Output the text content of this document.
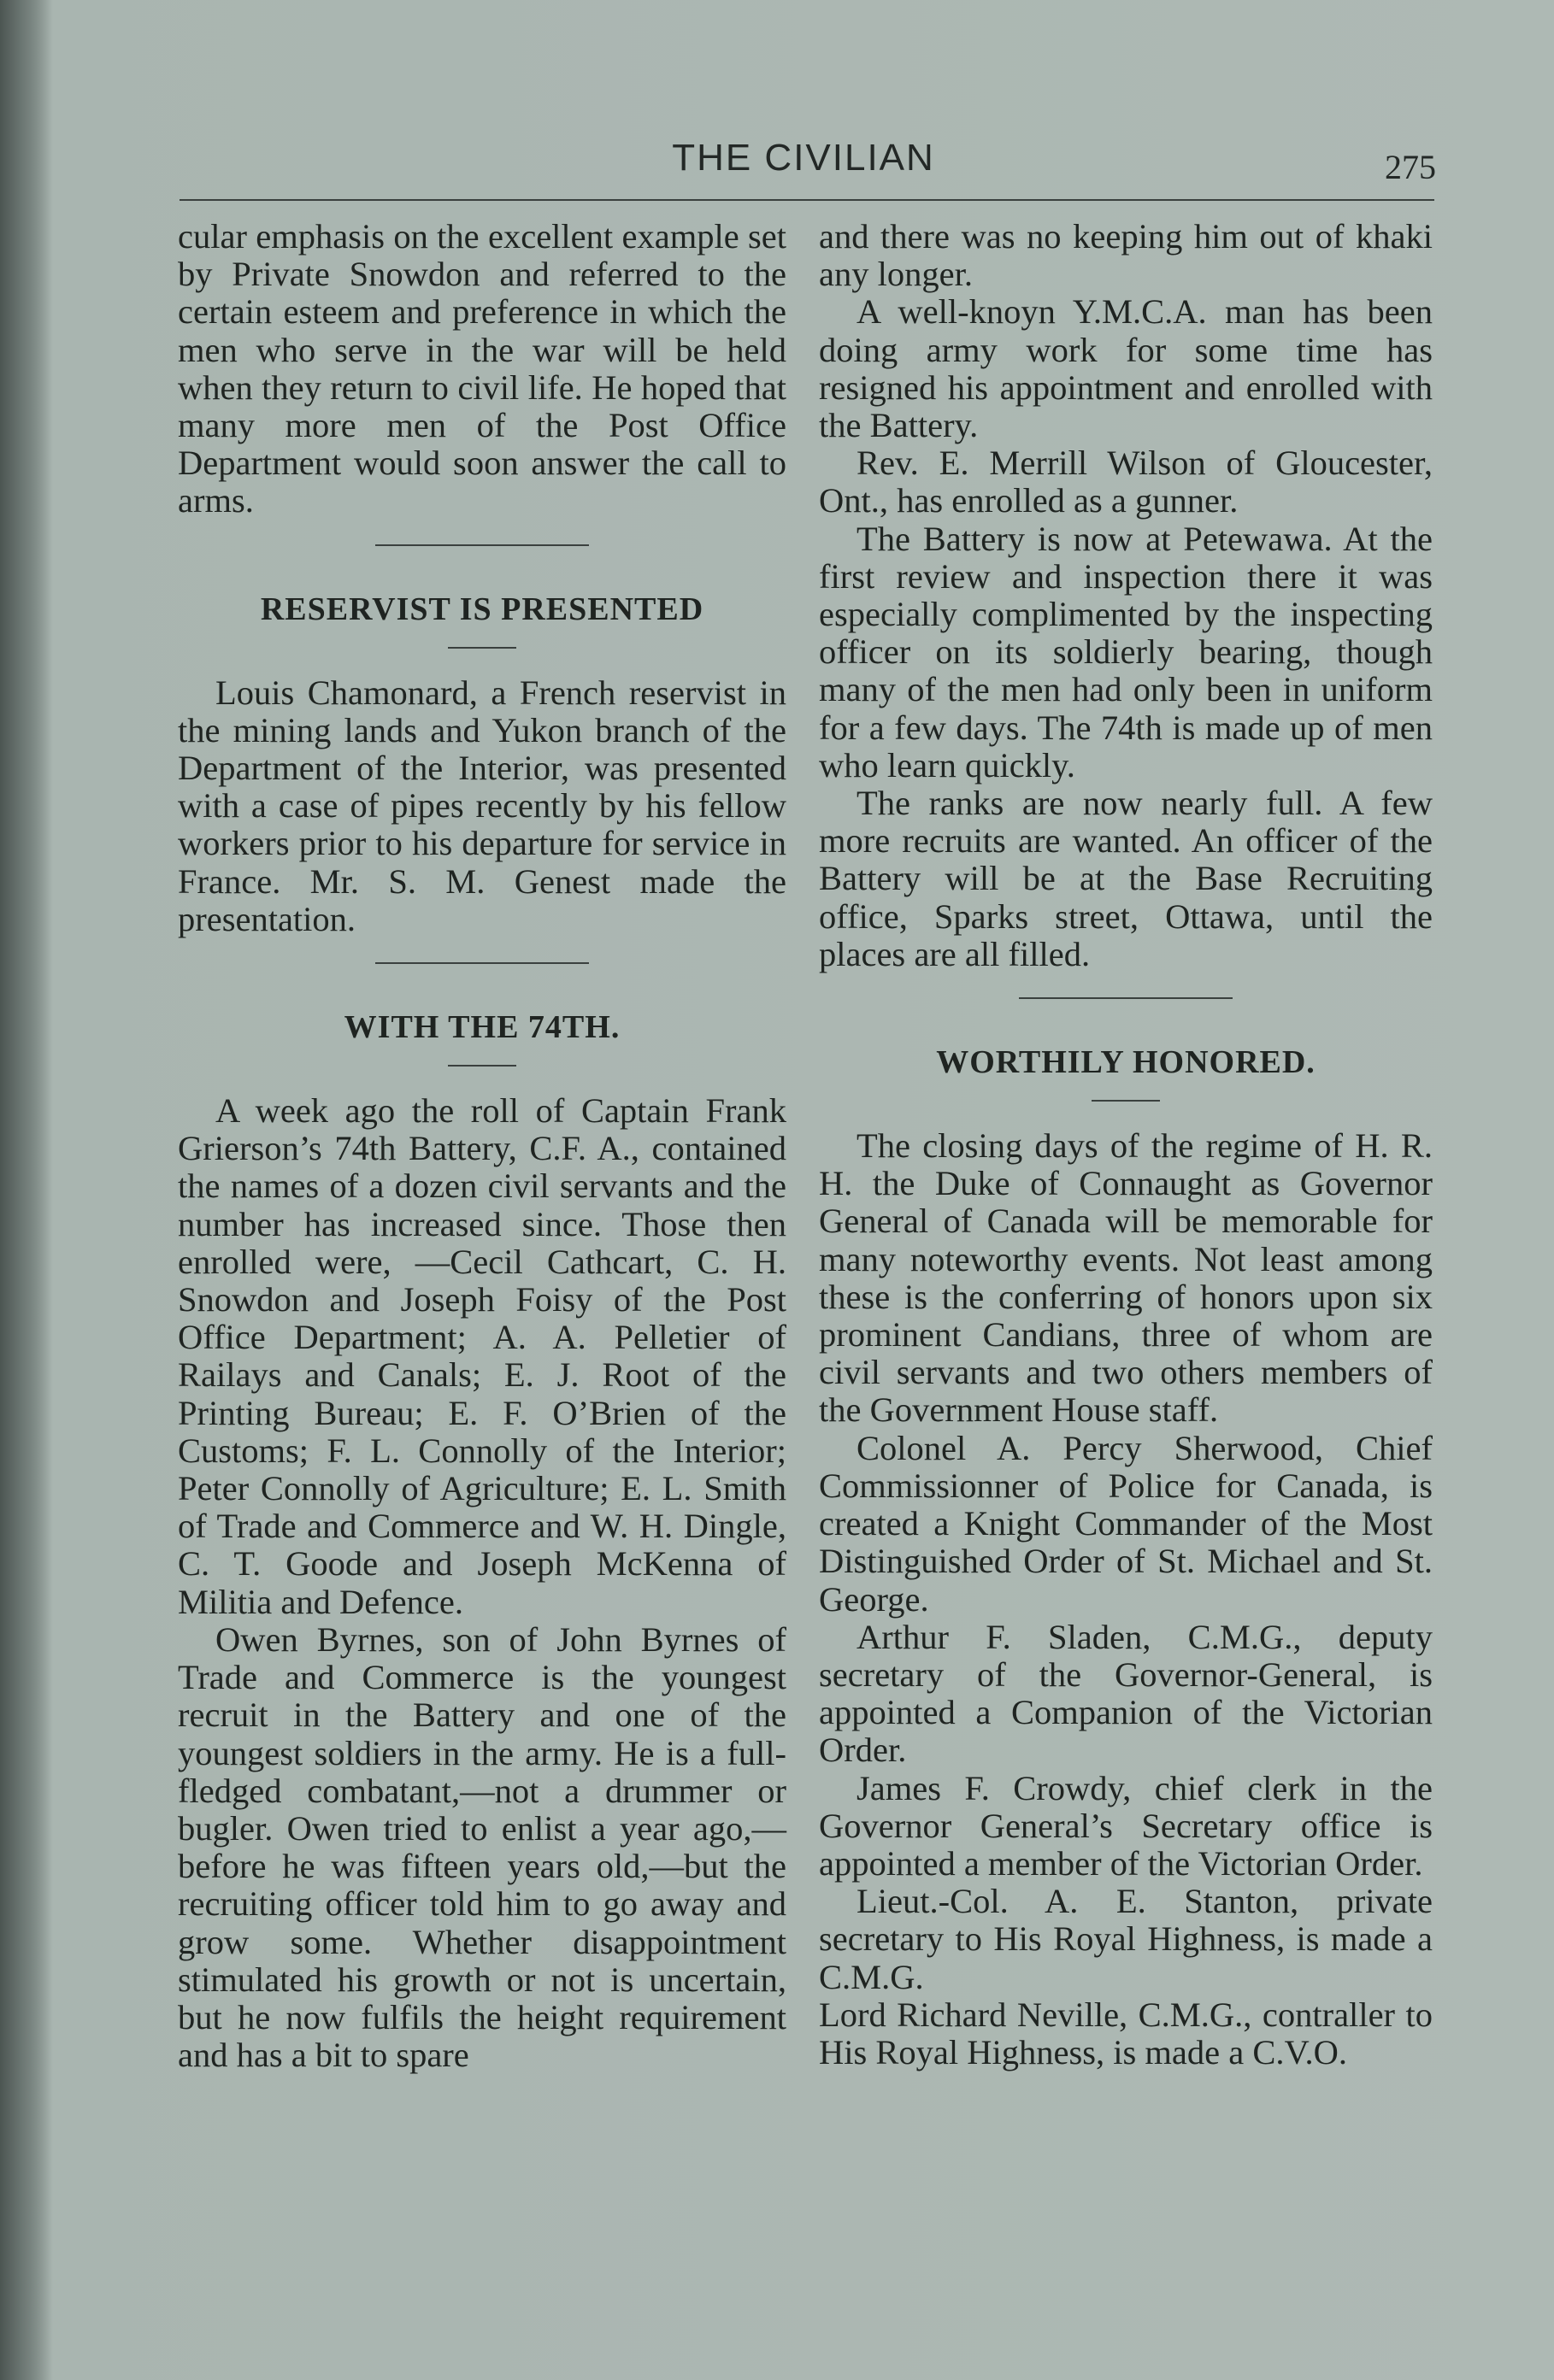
THE CIVILIAN	275

cular emphasis on the excellent example set by Private Snowdon and referred to the certain esteem and preference in which the men who serve in the war will be held when they return to civil life. He hoped that many more men of the Post Office Department would soon answer the call to arms.

RESERVIST IS PRESENTED

Louis Chamonard, a French reservist in the mining lands and Yukon branch of the Department of the Interior, was presented with a case of pipes recently by his fellow workers prior to his departure for service in France. Mr. S. M. Genest made the presentation.

WITH THE 74TH.

A week ago the roll of Captain Frank Grierson’s 74th Battery, C.F. A., contained the names of a dozen civil servants and the number has increased since. Those then enrolled were, —Cecil Cathcart, C. H. Snowdon and Joseph Foisy of the Post Office Department; A. A. Pelletier of Railays and Canals; E. J. Root of the Printing Bureau; E. F. O’Brien of the Customs; F. L. Connolly of the Interior; Peter Connolly of Agriculture; E. L. Smith of Trade and Commerce and W. H. Dingle, C. T. Goode and Joseph McKenna of Militia and Defence.

Owen Byrnes, son of John Byrnes of Trade and Commerce is the youngest recruit in the Battery and one of the youngest soldiers in the army. He is a full-fledged combatant,—not a drummer or bugler. Owen tried to enlist a year ago,—before he was fifteen years old,—but the recruiting officer told him to go away and grow some. Whether disappointment stimulated his growth or not is uncertain, but he now fulfils the height requirement and has a bit to spare

and there was no keeping him out of khaki any longer.

A well-knoyn Y.M.C.A. man has been doing army work for some time has resigned his appointment and enrolled with the Battery.

Rev. E. Merrill Wilson of Gloucester, Ont., has enrolled as a gunner.

The Battery is now at Petewawa. At the first review and inspection there it was especially complimented by the inspecting officer on its soldierly bearing, though many of the men had only been in uniform for a few days. The 74th is made up of men who learn quickly.

The ranks are now nearly full. A few more recruits are wanted. An officer of the Battery will be at the Base Recruiting office, Sparks street, Ottawa, until the places are all filled.

WORTHILY HONORED.

The closing days of the regime of H. R. H. the Duke of Connaught as Governor General of Canada will be memorable for many noteworthy events. Not least among these is the conferring of honors upon six prominent Candians, three of whom are civil servants and two others members of the Government House staff.

Colonel A. Percy Sherwood, Chief Commissionner of Police for Canada, is created a Knight Commander of the Most Distinguished Order of St. Michael and St. George.

Arthur F. Sladen, C.M.G., deputy secretary of the Governor-General, is appointed a Companion of the Victorian Order.

James F. Crowdy, chief clerk in the Governor General’s Secretary office is appointed a member of the Victorian Order.

Lieut.-Col. A. E. Stanton, private secretary to His Royal Highness, is made a C.M.G.

Lord Richard Neville, C.M.G., contraller to His Royal Highness, is made a C.V.O.
